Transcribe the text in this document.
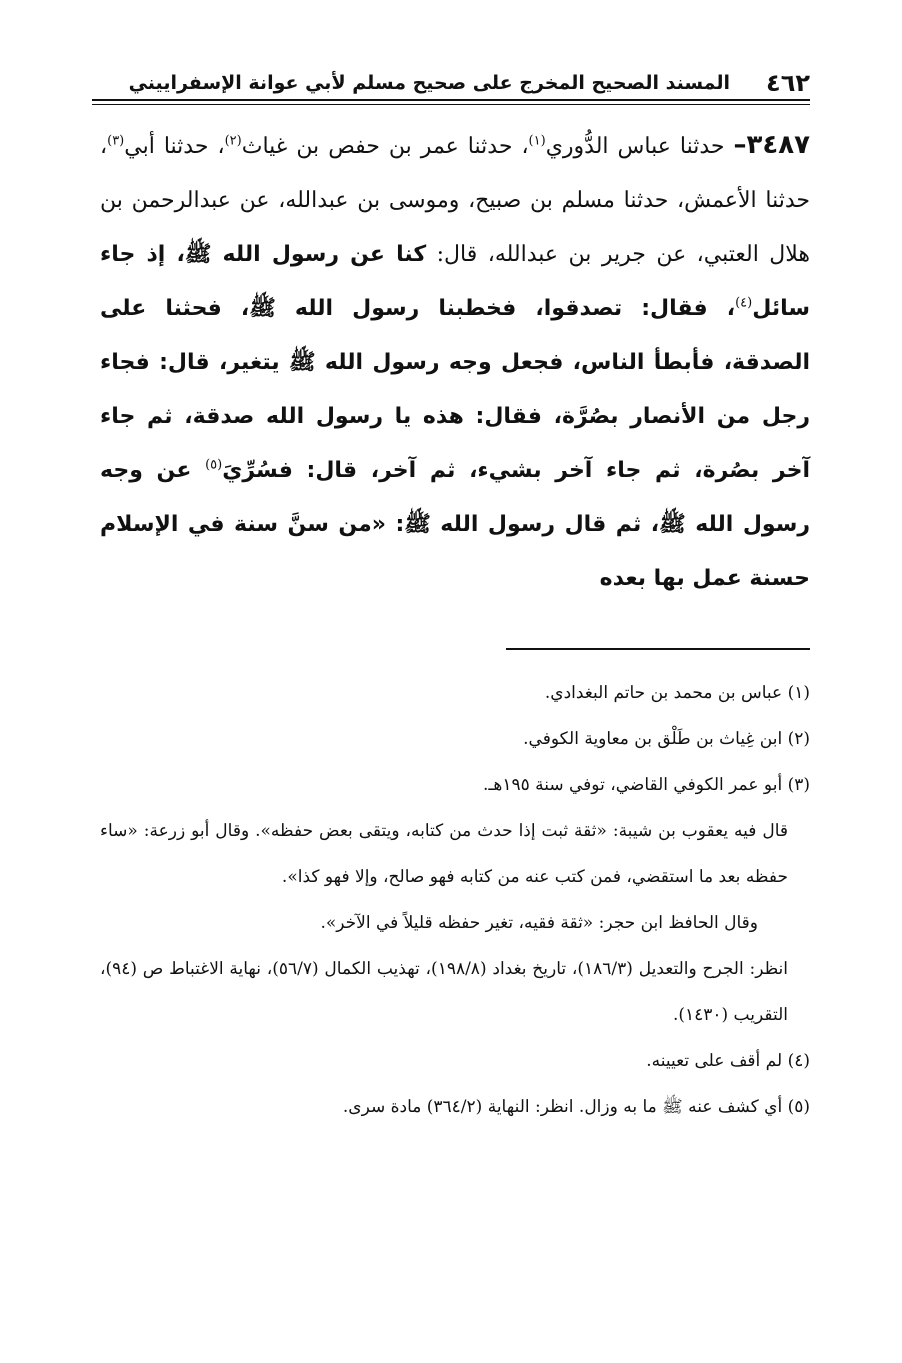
٤٦٢
المسند الصحيح المخرج على صحيح مسلم لأبي عوانة الإسفراييني
٣٤٨٧– حدثنا عباس الدُّوري$^{(١)}$، حدثنا عمر بن حفص بن غياث$^{(٢)}$، حدثنا أبي$^{(٣)}$، حدثنا الأعمش، حدثنا مسلم بن صبيح، وموسى بن عبدالله، عن عبدالرحمن بن هلال العتبي، عن جرير بن عبدالله، قال: كنا عن رسول الله ﷺ، إذ جاء سائل$^{(٤)}$، فقال: تصدقوا، فخطبنا رسول الله ﷺ، فحثنا على الصدقة، فأبطأ الناس، فجعل وجه رسول الله ﷺ يتغير، قال: فجاء رجل من الأنصار بصُرَّة، فقال: هذه يا رسول الله صدقة، ثم جاء آخر بصُرة، ثم جاء آخر بشيء، ثم آخر، قال: فسُرِّيَ$^{(٥)}$ عن وجه رسول الله ﷺ، ثم قال رسول الله ﷺ: «من سنَّ سنة في الإسلام حسنة عمل بها بعده

(١) عباس بن محمد بن حاتم البغدادي.

(٢) ابن غِياث بن طَلْق بن معاوية الكوفي.

(٣) أبو عمر الكوفي القاضي، توفي سنة ١٩٥هـ.

قال فيه يعقوب بن شيبة: «ثقة ثبت إذا حدث من كتابه، ويتقى بعض حفظه». وقال أبو زرعة: «ساء حفظه بعد ما استقضي، فمن كتب عنه من كتابه فهو صالح، وإلا فهو كذا».

وقال الحافظ ابن حجر: «ثقة فقيه، تغير حفظه قليلاً في الآخر».

انظر: الجرح والتعديل (١٨٦/٣)، تاريخ بغداد (١٩٨/٨)، تهذيب الكمال (٥٦/٧)، نهاية الاغتباط ص (٩٤)، التقريب (١٤٣٠).

(٤) لم أقف على تعيينه.

(٥) أي كشف عنه ﷺ ما به وزال. انظر: النهاية (٣٦٤/٢) مادة سرى.
